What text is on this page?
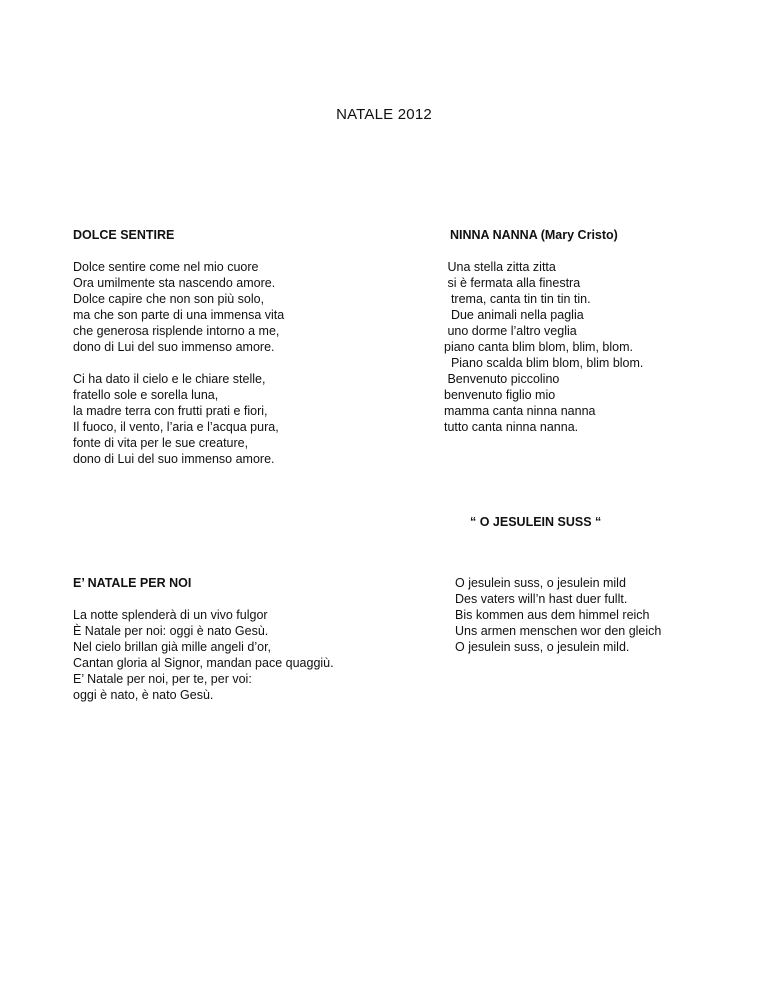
NATALE 2012
DOLCE SENTIRE

Dolce sentire come nel mio cuore
Ora umilmente sta nascendo amore.
Dolce capire che non son più solo,
ma che son parte di una immensa vita
che generosa risplende intorno a me,
dono di Lui del suo immenso amore.

Ci ha dato il cielo e le chiare stelle,
fratello sole e sorella luna,
la madre terra con frutti prati e fiori,
Il fuoco, il vento, l’aria e l’acqua pura,
fonte di vita per le sue creature,
dono di Lui del suo immenso amore.

NINNA NANNA (Mary Cristo)

Una stella zitta zitta
si è fermata alla finestra
trema, canta tin tin tin tin.
Due animali nella paglia
uno dorme l’altro veglia
piano canta blim blom, blim, blom.
Piano scalda blim blom, blim blom.
Benvenuto piccolino
benvenuto figlio mio
mamma canta ninna nanna
tutto canta ninna nanna.

“ O JESULEIN SUSS “

O jesulein suss, o jesulein mild
Des vaters will’n hast duer fullt.
Bis kommen aus dem himmel reich
Uns armen menschen wor den gleich
O jesulein suss, o jesulein mild.

E’ NATALE PER NOI

La notte splenderà di un vivo fulgor
È Natale per noi: oggi è nato Gesù.
Nel cielo brillan già mille angeli d’or,
Cantan gloria al Signor, mandan pace quaggiù.
E’ Natale per noi, per te, per voi:
oggi è nato, è nato Gesù.
